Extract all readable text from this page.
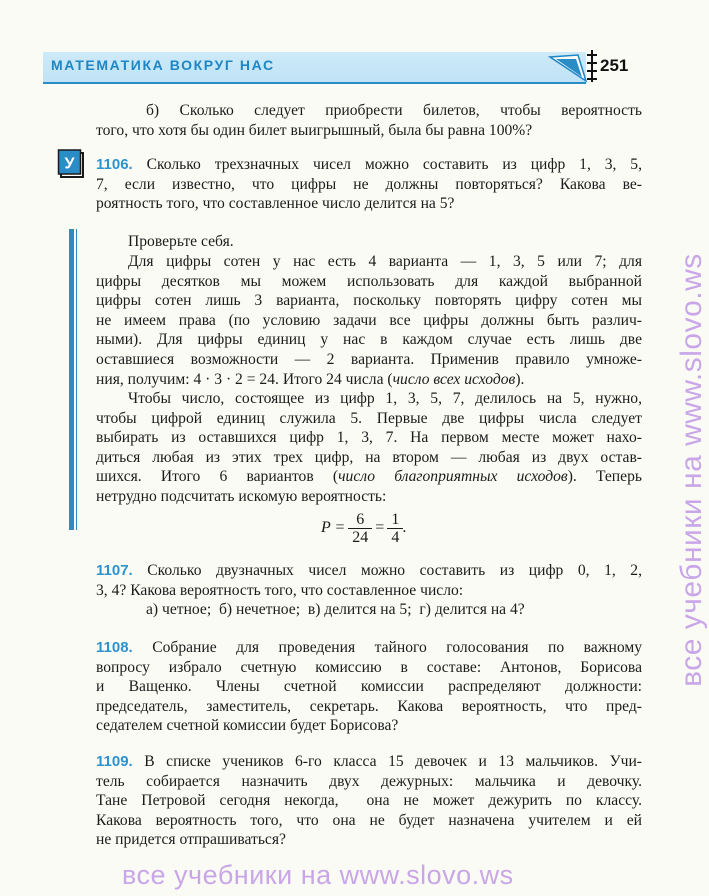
МАТЕМАТИКА ВОКРУГ НАС	251
б) Сколько следует приобрести билетов, чтобы вероятность
того, что хотя бы один билет выигрышный, была бы равна 100%?
У 1106. Сколько трехзначных чисел можно составить из цифр 1, 3, 5,
7, если известно, что цифры не должны повторяться? Какова ве-
роятность того, что составленное число делится на 5?
Проверьте себя.
Для цифры сотен у нас есть 4 варианта — 1, 3, 5 или 7; для
цифры десятков мы можем использовать для каждой выбранной
цифры сотен лишь 3 варианта, поскольку повторять цифру сотен мы
не имеем права (по условию задачи все цифры должны быть различ-
ными). Для цифры единиц у нас в каждом случае есть лишь две
оставшиеся возможности — 2 варианта. Применив правило умноже-
ния, получим: 4 · 3 · 2 = 24. Итого 24 числа (число всех исходов).
Чтобы число, состоящее из цифр 1, 3, 5, 7, делилось на 5, нужно,
чтобы цифрой единиц служила 5. Первые две цифры числа следует
выбирать из оставшихся цифр 1, 3, 7. На первом месте может нахо-
диться любая из этих трех цифр, на втором — любая из двух остав-
шихся. Итого 6 вариантов (число благоприятных исходов). Теперь
нетрудно подсчитать искомую вероятность:
$P = \frac{6}{24} = \frac{1}{4}$ .
1107. Сколько двузначных чисел можно составить из цифр 0, 1, 2,
3, 4? Какова вероятность того, что составленное число:
а) четное;  б) нечетное;  в) делится на 5;  г) делится на 4?
1108. Собрание для проведения тайного голосования по важному
вопросу избрало счетную комиссию в составе: Антонов, Борисова
и Ващенко. Члены счетной комиссии распределяют должности:
председатель, заместитель, секретарь. Какова вероятность, что пред-
седателем счетной комиссии будет Борисова?
1109. В списке учеников 6-го класса 15 девочек и 13 мальчиков. Учи-
тель собирается назначить двух дежурных: мальчика и девочку.
Тане Петровой сегодня некогда,  она не может дежурить по классу.
Какова вероятность того, что она не будет назначена учителем и ей
не придется отпрашиваться?
все учебники на www.slovo.ws
все учебники на www.slovo.ws
